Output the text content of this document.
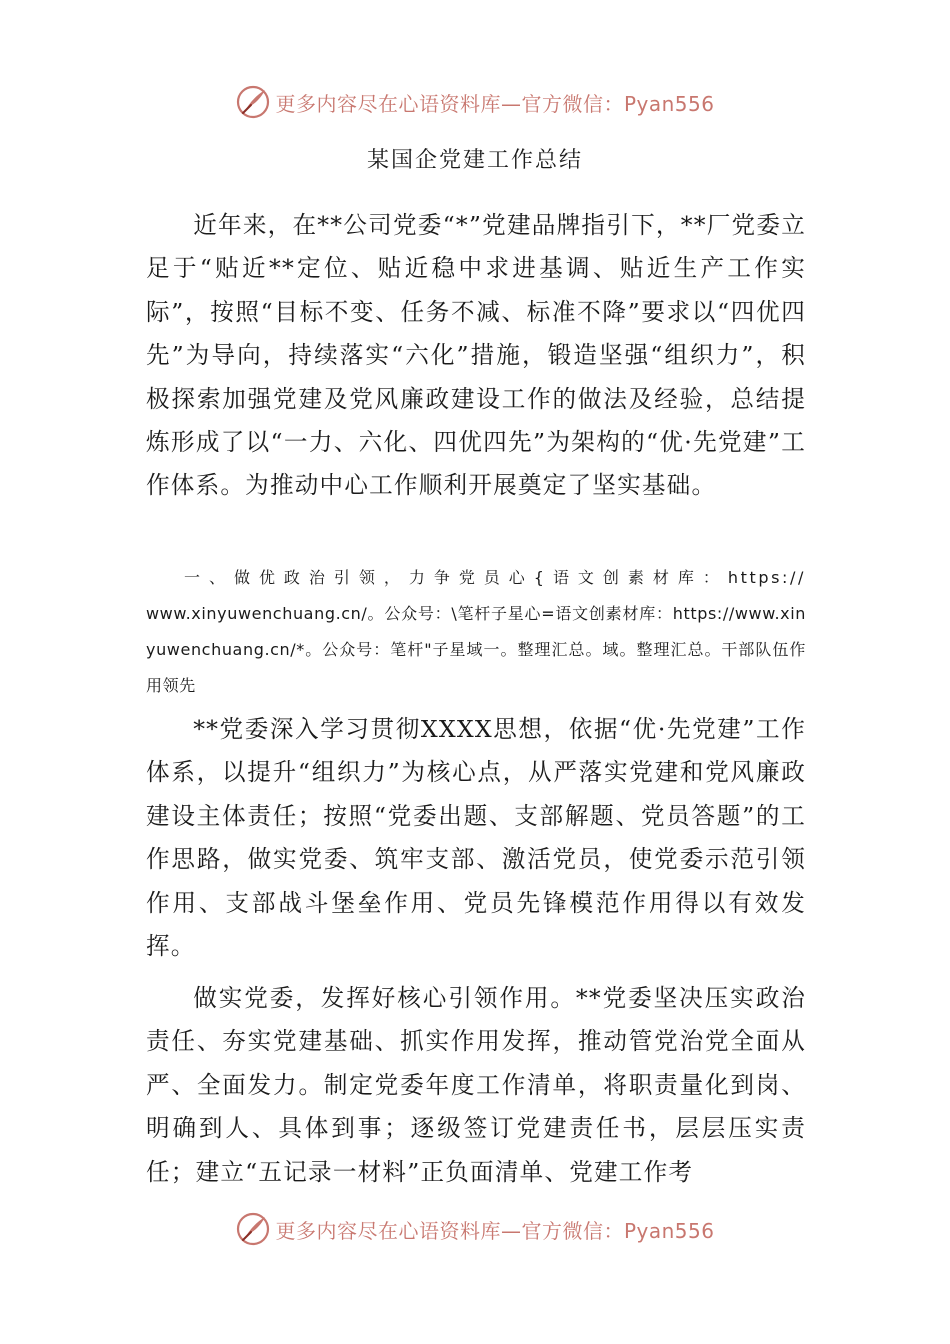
更多内容尽在心语资料库—官方微信：Pyan556
某国企党建工作总结

近年来，在**公司党委“*”党建品牌指引下，**厂党委立足于“贴近**定位、贴近稳中求进基调、贴近生产工作实际”，按照“目标不变、任务不减、标准不降”要求以“四优四先”为导向，持续落实“六化”措施，锻造坚强“组织力”，积极探索加强党建及党风廉政建设工作的做法及经验，总结提炼形成了以“一力、六化、四优四先”为架构的“优·先党建”工作体系。为推动中心工作顺利开展奠定了坚实基础。

一、做优政治引领，力争党员心{语文创素材库：https://
www.xinyuwenchuang.cn/。公众号：\笔杆子星心=语文创素材库：https://www.xinyuwenchuang.cn/*。公众号：笔杆"子星域一。整理汇总。域。整理汇总。干部队伍作用领先

**党委深入学习贯彻XXXX思想，依据“优·先党建”工作体系，以提升“组织力”为核心点，从严落实党建和党风廉政建设主体责任；按照“党委出题、支部解题、党员答题”的工作思路，做实党委、筑牢支部、激活党员，使党委示范引领作用、支部战斗堡垒作用、党员先锋模范作用得以有效发挥。

做实党委，发挥好核心引领作用。**党委坚决压实政治责任、夯实党建基础、抓实作用发挥，推动管党治党全面从严、全面发力。制定党委年度工作清单，将职责量化到岗、明确到人、具体到事；逐级签订党建责任书，层层压实责任；建立“五记录一材料”正负面清单、党建工作考

更多内容尽在心语资料库—官方微信：Pyan556
